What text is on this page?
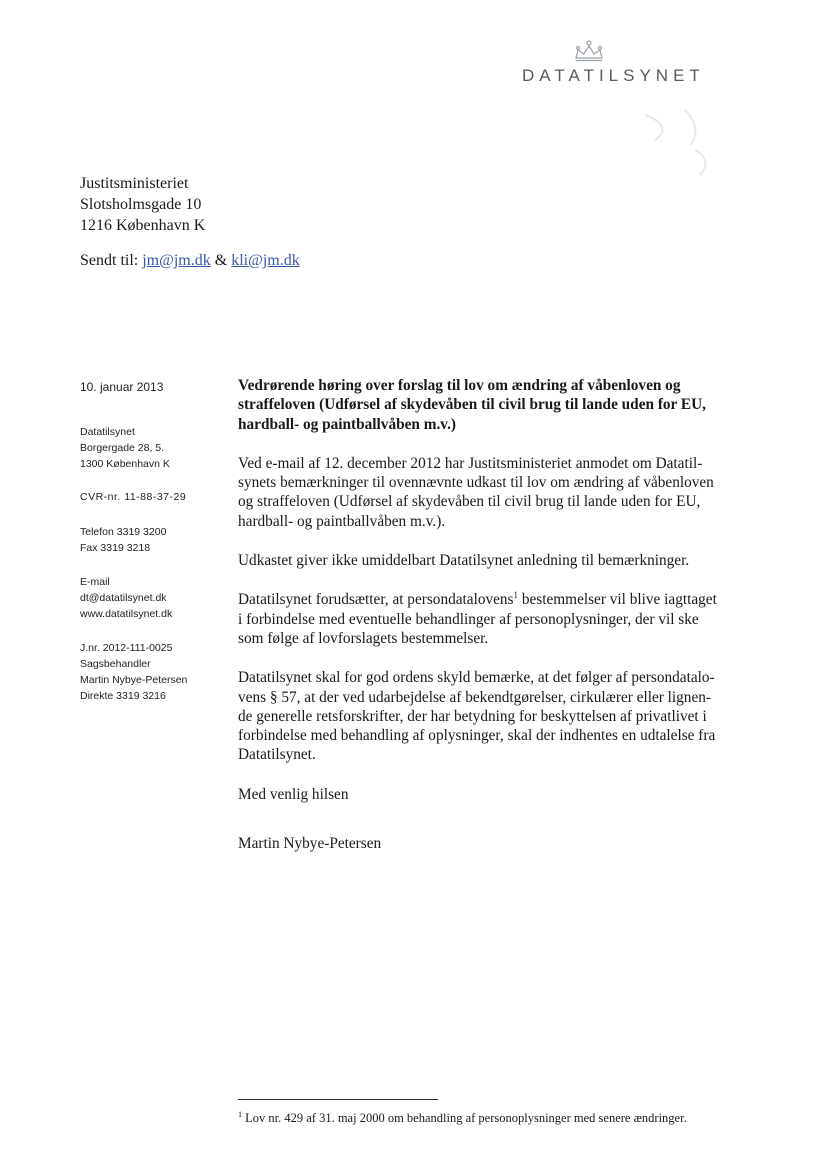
DATATILSYNET
Justitsministeriet
Slotsholmsgade 10
1216 København K
Sendt til: jm@jm.dk & kli@jm.dk
10. januar 2013
Datatilsynet
Borgergade 28, 5.
1300 København K
CVR-nr. 11-88-37-29
Telefon 3319 3200
Fax 3319 3218
E-mail
dt@datatilsynet.dk
www.datatilsynet.dk
J.nr. 2012-111-0025
Sagsbehandler
Martin Nybye-Petersen
Direkte 3319 3216
Vedrørende høring over forslag til lov om ændring af våbenloven og
straffeloven (Udførsel af skydevåben til civil brug til lande uden for EU,
hardball- og paintballvåben m.v.)
Ved e-mail af 12. december 2012 har Justitsministeriet anmodet om Datatil-
synets bemærkninger til ovennævnte udkast til lov om ændring af våbenloven
og straffeloven (Udførsel af skydevåben til civil brug til lande uden for EU,
hardball- og paintballvåben m.v.).
Udkastet giver ikke umiddelbart Datatilsynet anledning til bemærkninger.
Datatilsynet forudsætter, at persondatalovens$^1$ bestemmelser vil blive iagttaget
i forbindelse med eventuelle behandlinger af personoplysninger, der vil ske
som følge af lovforslagets bestemmelser.
Datatilsynet skal for god ordens skyld bemærke, at det følger af persondatalo-
vens § 57, at der ved udarbejdelse af bekendtgørelser, cirkulærer eller lignen-
de generelle retsforskrifter, der har betydning for beskyttelsen af privatlivet i
forbindelse med behandling af oplysninger, skal der indhentes en udtalelse fra
Datatilsynet.
Med venlig hilsen
Martin Nybye-Petersen
$^1$ Lov nr. 429 af 31. maj 2000 om behandling af personoplysninger med senere ændringer.
